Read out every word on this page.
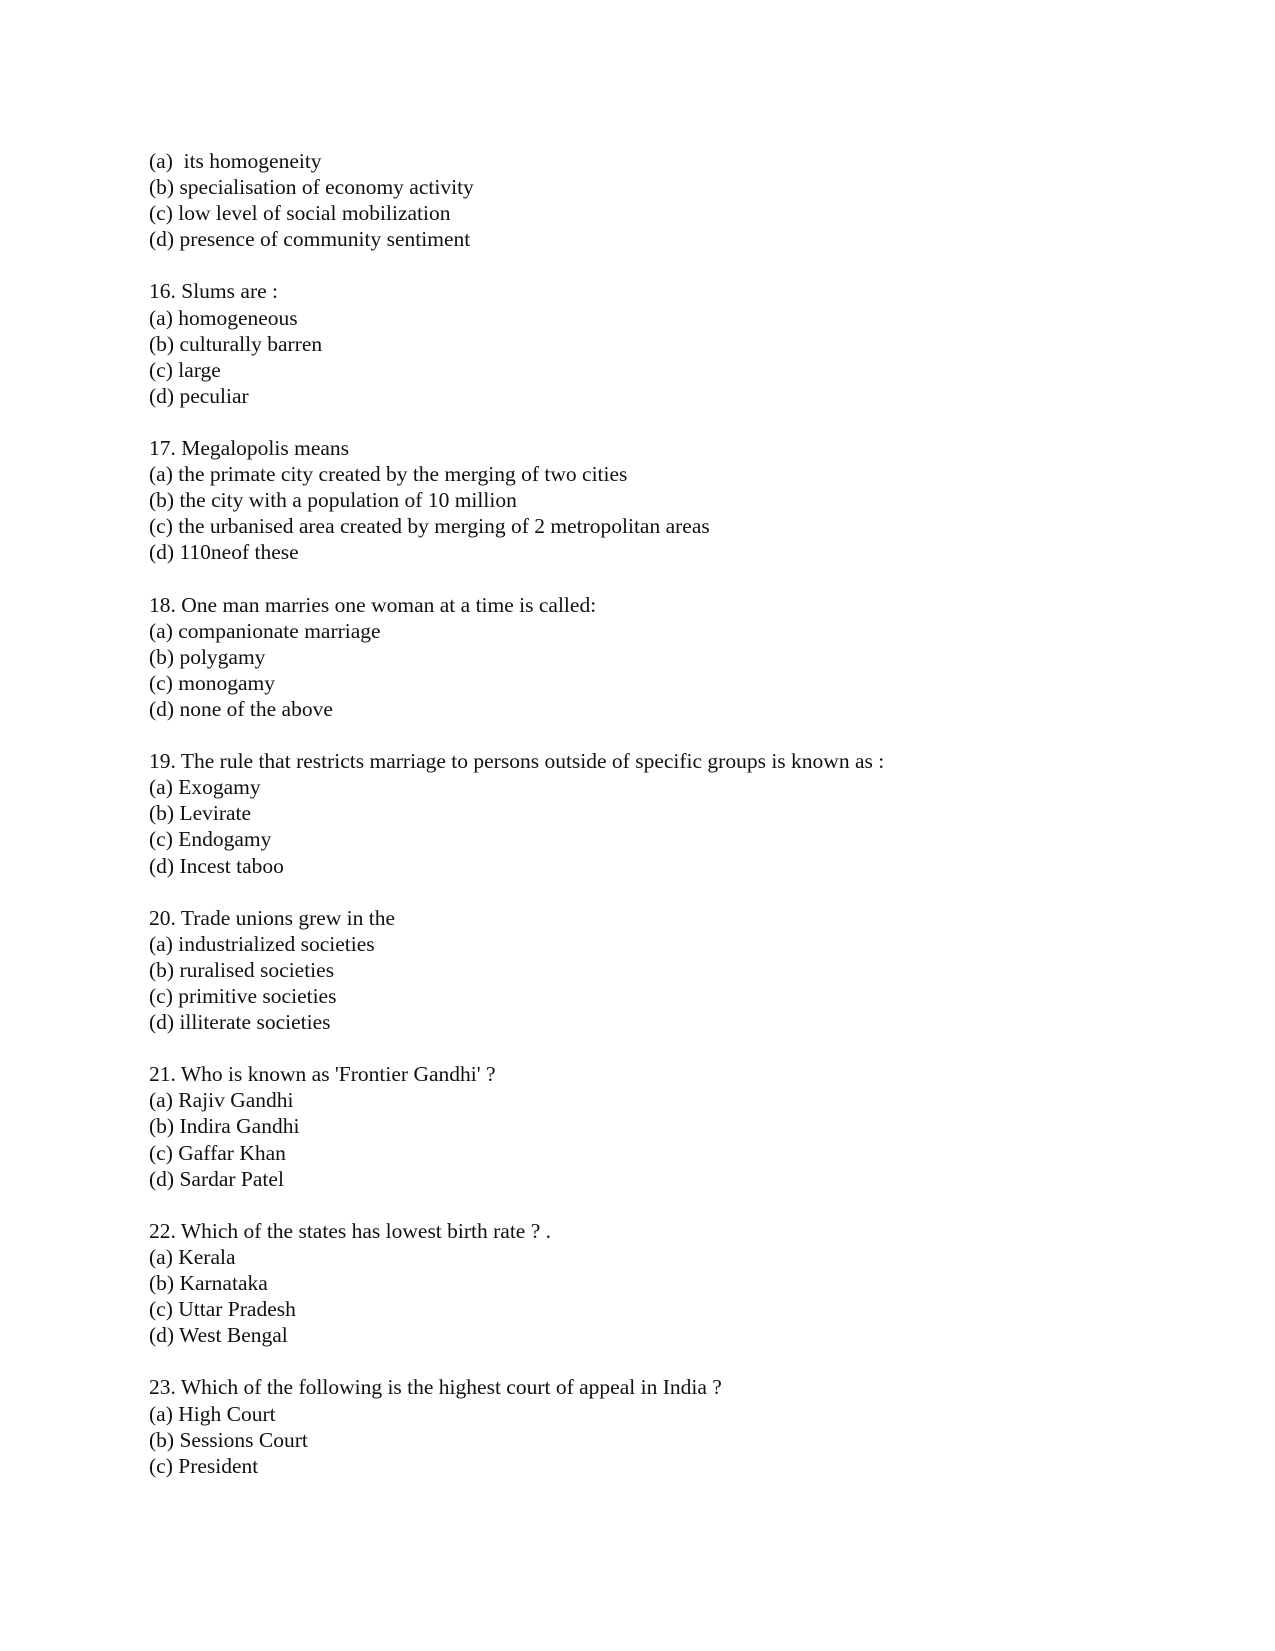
(a)  its homogeneity
(b) specialisation of economy activity
(c) low level of social mobilization
(d) presence of community sentiment
16. Slums are :
(a) homogeneous
(b) culturally barren
(c) large
(d) peculiar
17. Megalopolis means
(a) the primate city created by the merging of two cities
(b) the city with a population of 10 million
(c) the urbanised area created by merging of 2 metropolitan areas
(d) 110neof these
18. One man marries one woman at a time is called:
(a) companionate marriage
(b) polygamy
(c) monogamy
(d) none of the above
19. The rule that restricts marriage to persons outside of specific groups is known as :
(a) Exogamy
(b) Levirate
(c) Endogamy
(d) Incest taboo
20. Trade unions grew in the
(a) industrialized societies
(b) ruralised societies
(c) primitive societies
(d) illiterate societies
21. Who is known as 'Frontier Gandhi' ?
(a) Rajiv Gandhi
(b) Indira Gandhi
(c) Gaffar Khan
(d) Sardar Patel
22. Which of the states has lowest birth rate ? .
(a) Kerala
(b) Karnataka
(c) Uttar Pradesh
(d) West Bengal
23. Which of the following is the highest court of appeal in India ?
(a) High Court
(b) Sessions Court
(c) President
